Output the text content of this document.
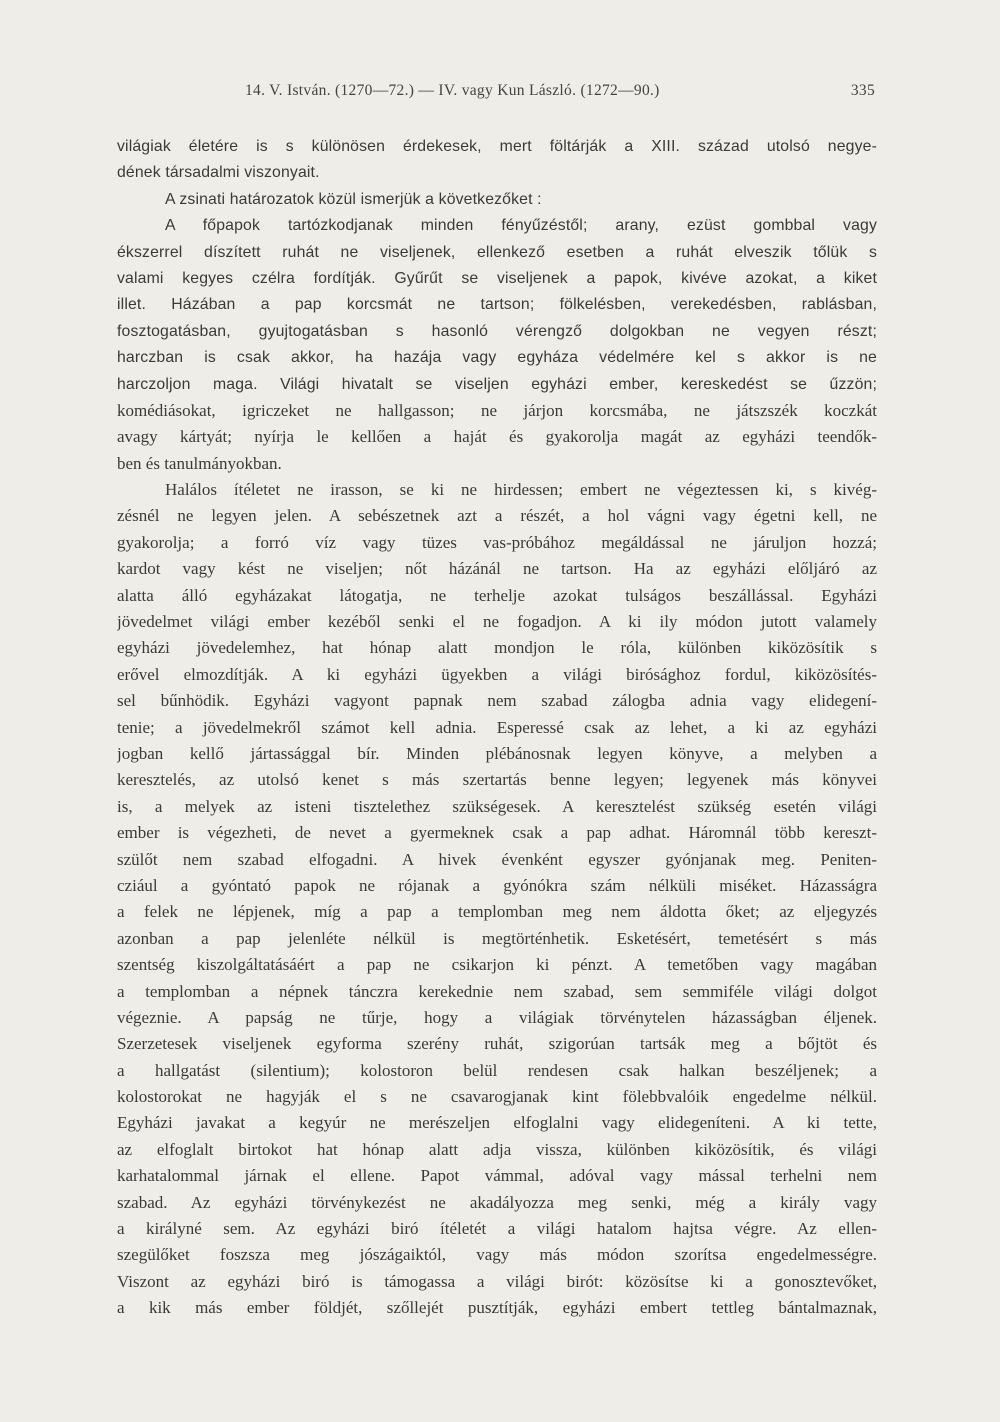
14. V. István. (1270—72.) — IV. vagy Kun László. (1272—90.)	335
világiak életére is s különösen érdekesek, mert föltárják a XIII. század utolsó negye-
dének társadalmi viszonyait.
A zsinati határozatok közül ismerjük a következőket :
A főpapok tartózkodjanak minden fényűzéstől; arany, ezüst gombbal vagy
ékszerrel díszített ruhát ne viseljenek, ellenkező esetben a ruhát elveszik tőlük s
valami kegyes czélra fordítják. Gyűrűt se viseljenek a papok, kivéve azokat, a kiket
illet. Házában a pap korcsmát ne tartson; fölkelésben, verekedésben, rablásban,
fosztogatásban, gyujtogatásban s hasonló vérengző dolgokban ne vegyen részt;
harczban is csak akkor, ha hazája vagy egyháza védelmére kel s akkor is ne
harczoljon maga. Világi hivatalt se viseljen egyházi ember, kereskedést se űzzön;
komédiásokat, igriczeket ne hallgasson; ne járjon korcsmába, ne játszszék koczkát
avagy kártyát; nyírja le kellően a haját és gyakorolja magát az egyházi teendők-
ben és tanulmányokban.
Halálos ítéletet ne irasson, se ki ne hirdessen; embert ne végeztessen ki, s kivég-
zésnél ne legyen jelen. A sebészetnek azt a részét, a hol vágni vagy égetni kell, ne
gyakorolja; a forró víz vagy tüzes vas-próbához megáldással ne járuljon hozzá;
kardot vagy kést ne viseljen; nőt házánál ne tartson. Ha az egyházi előljáró az
alatta álló egyházakat látogatja, ne terhelje azokat tulságos beszállással. Egyházi
jövedelmet világi ember kezéből senki el ne fogadjon. A ki ily módon jutott valamely
egyházi jövedelemhez, hat hónap alatt mondjon le róla, különben kiközösítik s
erővel elmozdítják. A ki egyházi ügyekben a világi birósághoz fordul, kiközösítés-
sel bűnhödik. Egyházi vagyont papnak nem szabad zálogba adnia vagy elidegení-
tenie; a jövedelmekről számot kell adnia. Esperessé csak az lehet, a ki az egyházi
jogban kellő jártassággal bír. Minden plébánosnak legyen könyve, a melyben a
keresztelés, az utolsó kenet s más szertartás benne legyen; legyenek más könyvei
is, a melyek az isteni tisztelethez szükségesek. A keresztelést szükség esetén világi
ember is végezheti, de nevet a gyermeknek csak a pap adhat. Háromnál több kereszt-
szülőt nem szabad elfogadni. A hivek évenként egyszer gyónjanak meg. Peniten-
cziául a gyóntató papok ne rójanak a gyónókra szám nélküli miséket. Házasságra
a felek ne lépjenek, míg a pap a templomban meg nem áldotta őket; az eljegyzés
azonban a pap jelenléte nélkül is megtörténhetik. Esketésért, temetésért s más
szentség kiszolgáltatásáért a pap ne csikarjon ki pénzt. A temetőben vagy magában
a templomban a népnek tánczra kerekednie nem szabad, sem semmiféle világi dolgot
végeznie. A papság ne tűrje, hogy a világiak törvénytelen házasságban éljenek.
Szerzetesek viseljenek egyforma szerény ruhát, szigorúan tartsák meg a bőjtöt és
a hallgatást (silentium); kolostoron belül rendesen csak halkan beszéljenek; a
kolostorokat ne hagyják el s ne csavarogjanak kint fölebbvalóik engedelme nélkül.
Egyházi javakat a kegyúr ne merészeljen elfoglalni vagy elidegeníteni. A ki tette,
az elfoglalt birtokot hat hónap alatt adja vissza, különben kiközösítik, és világi
karhatalommal járnak el ellene. Papot vámmal, adóval vagy mással terhelni nem
szabad. Az egyházi törvénykezést ne akadályozza meg senki, még a király vagy
a királyné sem. Az egyházi biró ítéletét a világi hatalom hajtsa végre. Az ellen-
szegülőket foszsza meg jószágaiktól, vagy más módon szorítsa engedelmességre.
Viszont az egyházi biró is támogassa a világi birót: közösítse ki a gonosztevőket,
a kik más ember földjét, szőllejét pusztítják, egyházi embert tettleg bántalmaznak,
